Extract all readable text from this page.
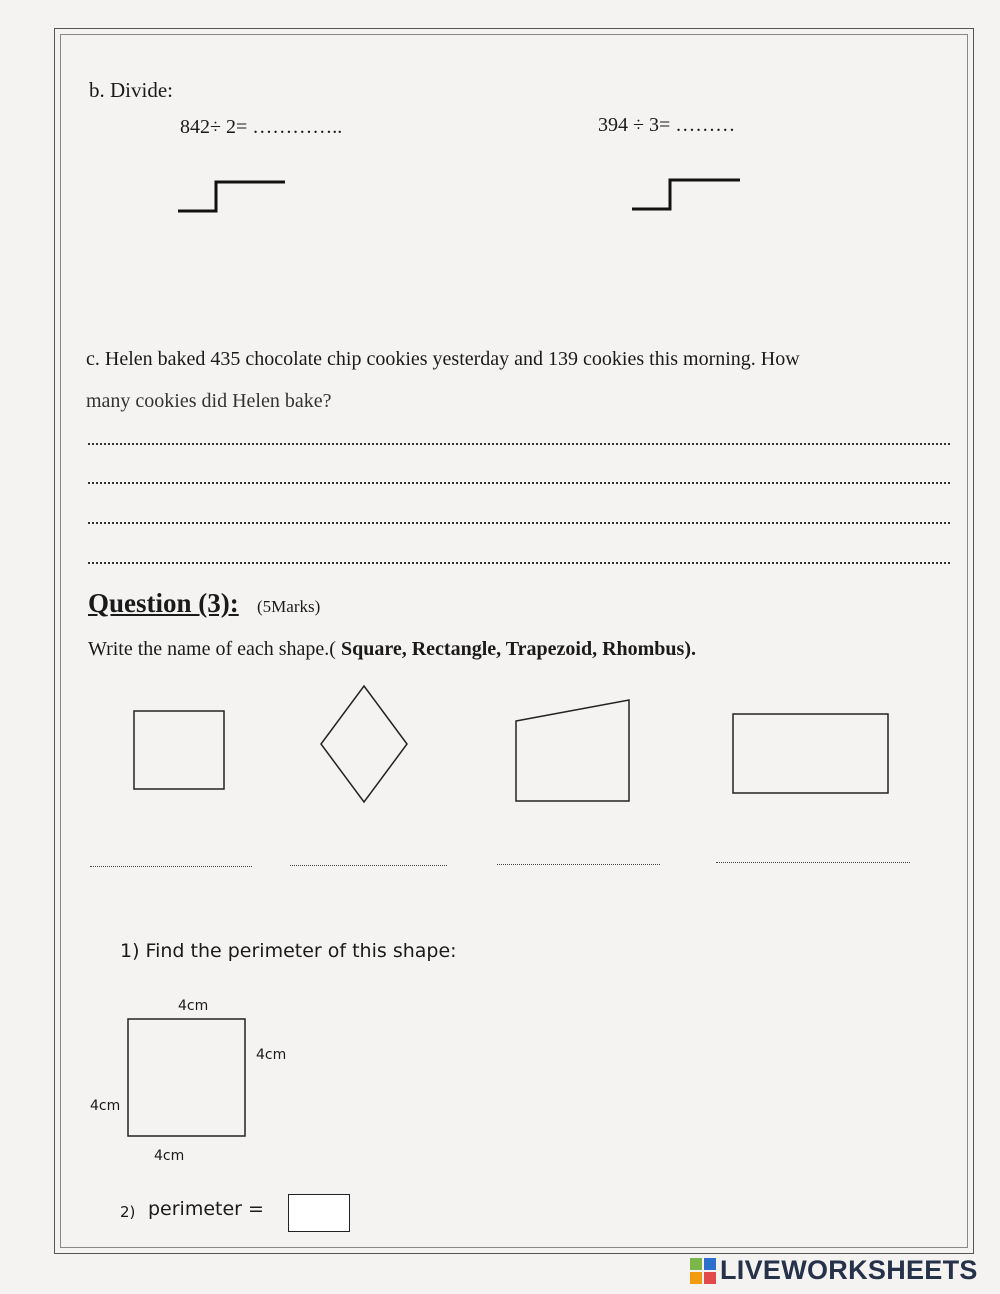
b. Divide:
842÷ 2= …………..	394 ÷ 3= ………
c. Helen baked 435 chocolate chip cookies yesterday and 139 cookies this morning. How
many cookies did Helen bake?
Question (3): (5Marks)
Write the name of each shape.( Square, Rectangle, Trapezoid, Rhombus).
1) Find the perimeter of this shape:
4cm
4cm
4cm
4cm
2) perimeter =
LIVEWORKSHEETS
